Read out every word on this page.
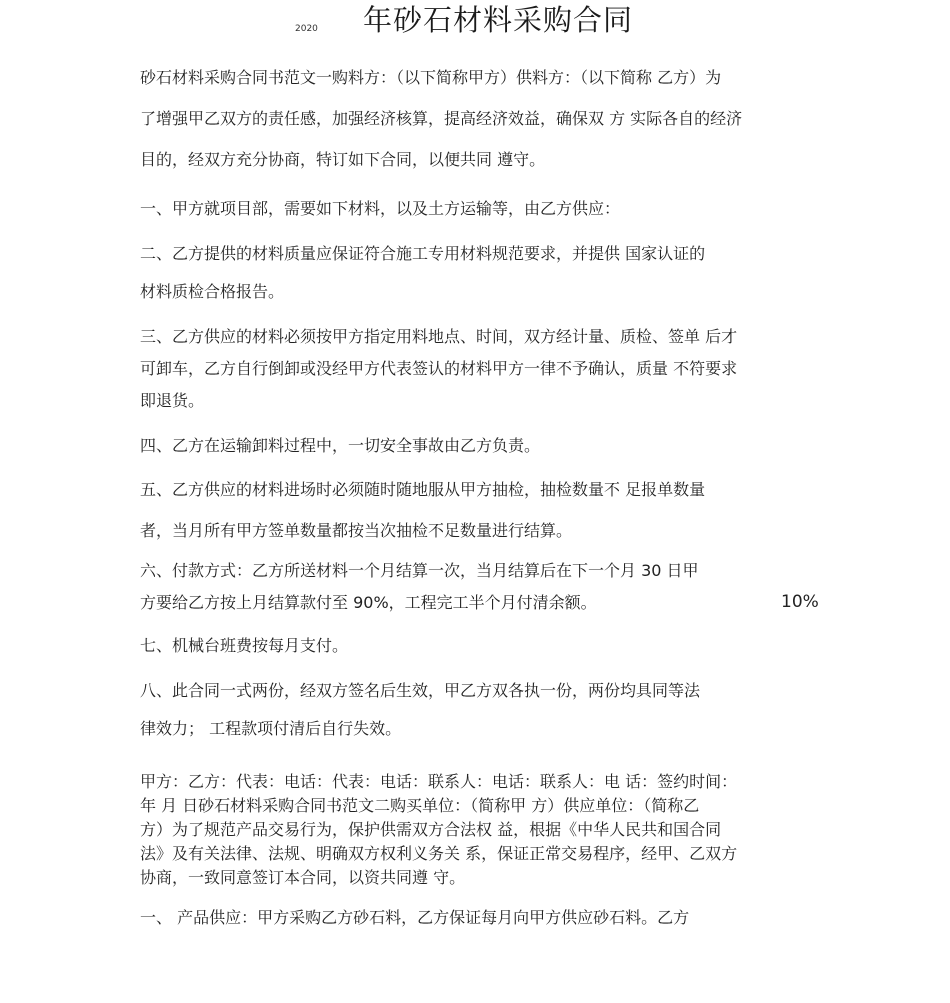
2020	年砂石材料采购合同
砂石材料采购合同书范文一购料方：（以下简称甲方）供料方：（以下简称 乙方）为
了增强甲乙双方的责任感，加强经济核算，提高经济效益，确保双 方 实际各自的经济
目的，经双方充分协商，特订如下合同，以便共同 遵守。
一、甲方就项目部，需要如下材料，以及土方运输等，由乙方供应：
二、乙方提供的材料质量应保证符合施工专用材料规范要求，并提供 国家认证的
材料质检合格报告。
三、乙方供应的材料必须按甲方指定用料地点、时间，双方经计量、质检、签单 后才
可卸车，乙方自行倒卸或没经甲方代表签认的材料甲方一律不予确认，质量 不符要求
即退货。
四、乙方在运输卸料过程中，一切安全事故由乙方负责。
五、乙方供应的材料进场时必须随时随地服从甲方抽检，抽检数量不 足报单数量
者，当月所有甲方签单数量都按当次抽检不足数量进行结算。
六、付款方式：乙方所送材料一个月结算一次，当月结算后在下一个月 30 日甲
方要给乙方按上月结算款付至 90%，工程完工半个月付清余额。	10%
七、机械台班费按每月支付。
八、此合同一式两份，经双方签名后生效，甲乙方双各执一份，两份均具同等法
律效力； 工程款项付清后自行失效。
甲方：乙方：代表：电话：代表：电话：联系人：电话：联系人：电 话：签约时间：
年 月 日砂石材料采购合同书范文二购买单位：（简称甲 方）供应单位：（简称乙
方）为了规范产品交易行为，保护供需双方合法权 益，根据《中华人民共和国合同
法》及有关法律、法规、明确双方权利义务关 系，保证正常交易程序，经甲、乙双方
协商，一致同意签订本合同，以资共同遵 守。
一、 产品供应：甲方采购乙方砂石料，乙方保证每月向甲方供应砂石料。乙方
